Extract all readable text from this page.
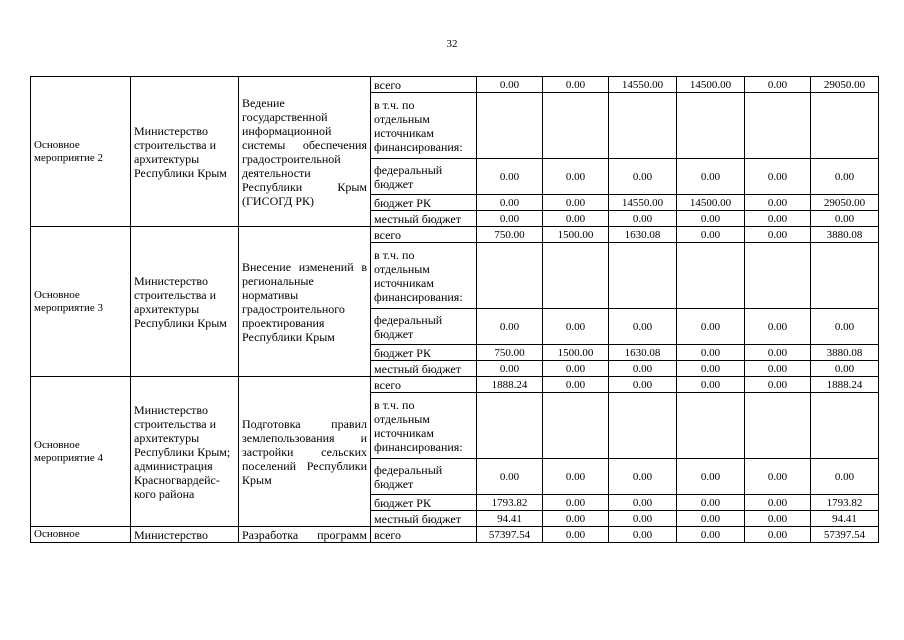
32
Основное мероприятие 2	Министерство строительства и архитектуры Республики Крым	Ведение государственной информационной системы обеспечения градостроительной деятельности Республики Крым (ГИСОГД РК)	всего	0.00	0.00	14550.00	14500.00	0.00	29050.00
			в т.ч. по отдельным источникам финансирования:						
			федеральный бюджет	0.00	0.00	0.00	0.00	0.00	0.00
			бюджет РК	0.00	0.00	14550.00	14500.00	0.00	29050.00
			местный бюджет	0.00	0.00	0.00	0.00	0.00	0.00
Основное мероприятие 3	Министерство строительства и архитектуры Республики Крым	Внесение изменений в региональные нормативы градостроительного проектирования Республики Крым	всего	750.00	1500.00	1630.08	0.00	0.00	3880.08
			в т.ч. по отдельным источникам финансирования:						
			федеральный бюджет	0.00	0.00	0.00	0.00	0.00	0.00
			бюджет РК	750.00	1500.00	1630.08	0.00	0.00	3880.08
			местный бюджет	0.00	0.00	0.00	0.00	0.00	0.00
Основное мероприятие 4	Министерство строительства и архитектуры Республики Крым; администрация Красногвардейс-кого района	Подготовка правил землепользования и застройки сельских поселений Республики Крым	всего	1888.24	0.00	0.00	0.00	0.00	1888.24
			в т.ч. по отдельным источникам финансирования:						
			федеральный бюджет	0.00	0.00	0.00	0.00	0.00	0.00
			бюджет РК	1793.82	0.00	0.00	0.00	0.00	1793.82
			местный бюджет	94.41	0.00	0.00	0.00	0.00	94.41
Основное	Министерство	Разработка программ	всего	57397.54	0.00	0.00	0.00	0.00	57397.54
